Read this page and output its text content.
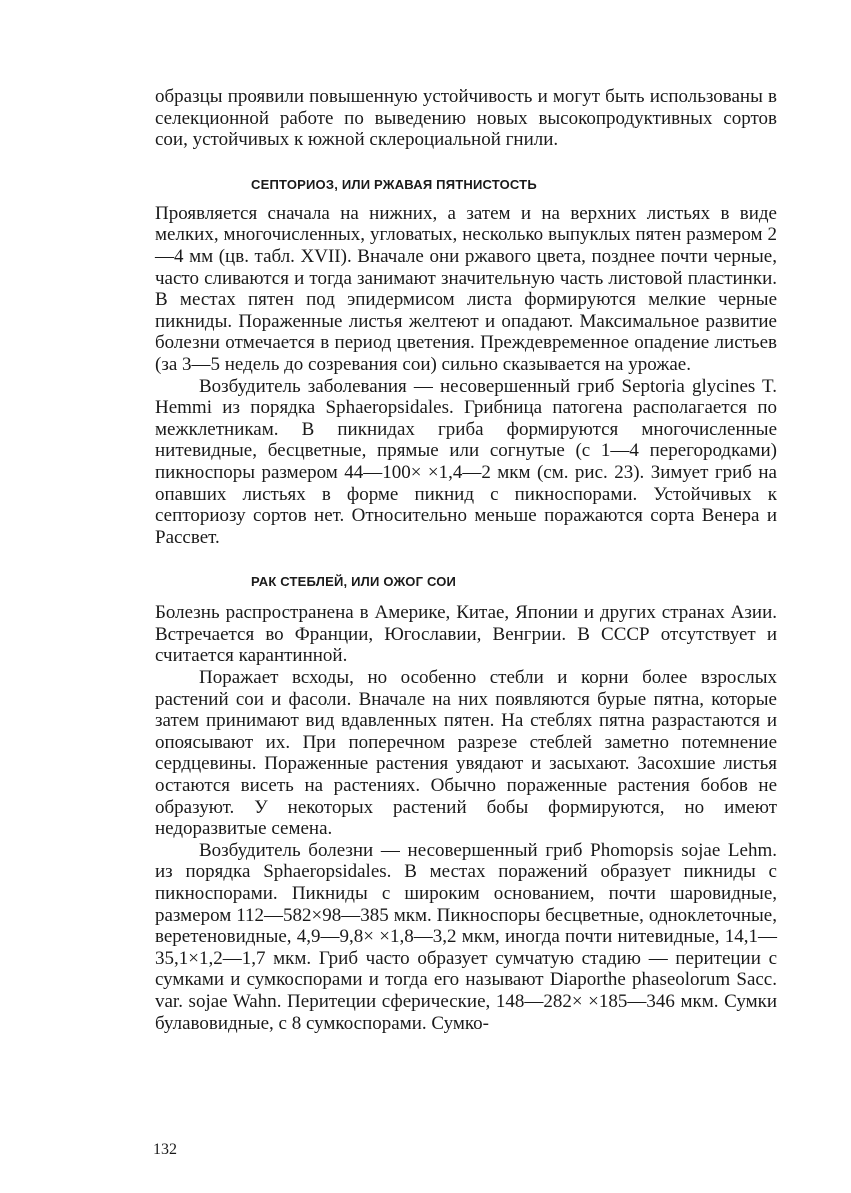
образцы проявили повышенную устойчивость и могут быть использованы в селекционной работе по выведению новых высокопродуктивных сортов сои, устойчивых к южной склероциальной гнили.

СЕПТОРИОЗ, ИЛИ РЖАВАЯ ПЯТНИСТОСТЬ

Проявляется сначала на нижних, а затем и на верхних листьях в виде мелких, многочисленных, угловатых, несколько выпуклых пятен размером 2—4 мм (цв. табл. XVII). Вначале они ржавого цвета, позднее почти черные, часто сливаются и тогда занимают значительную часть листовой пластинки. В местах пятен под эпидермисом листа формируются мелкие черные пикниды. Пораженные листья желтеют и опадают. Максимальное развитие болезни отмечается в период цветения. Преждевременное опадение листьев (за 3—5 недель до созревания сои) сильно сказывается на урожае.

Возбудитель заболевания — несовершенный гриб Septoria glycines T. Hemmi из порядка Sphaeropsidales. Грибница патогена располагается по межклетникам. В пикнидах гриба формируются многочисленные нитевидные, бесцветные, прямые или согнутые (с 1—4 перегородками) пикноспоры размером 44—100× ×1,4—2 мкм (см. рис. 23). Зимует гриб на опавших листьях в форме пикнид с пикноспорами. Устойчивых к септориозу сортов нет. Относительно меньше поражаются сорта Венера и Рассвет.

РАК СТЕБЛЕЙ, ИЛИ ОЖОГ СОИ

Болезнь распространена в Америке, Китае, Японии и других странах Азии. Встречается во Франции, Югославии, Венгрии. В СССР отсутствует и считается карантинной.

Поражает всходы, но особенно стебли и корни более взрослых растений сои и фасоли. Вначале на них появляются бурые пятна, которые затем принимают вид вдавленных пятен. На стеблях пятна разрастаются и опоясывают их. При поперечном разрезе стеблей заметно потемнение сердцевины. Пораженные растения увядают и засыхают. Засохшие листья остаются висеть на растениях. Обычно пораженные растения бобов не образуют. У некоторых растений бобы формируются, но имеют недоразвитые семена.

Возбудитель болезни — несовершенный гриб Phomopsis sojae Lehm. из порядка Sphaeropsidales. В местах поражений образует пикниды с пикноспорами. Пикниды с широким основанием, почти шаровидные, размером 112—582×98—385 мкм. Пикноспоры бесцветные, одноклеточные, веретеновидные, 4,9—9,8× ×1,8—3,2 мкм, иногда почти нитевидные, 14,1—35,1×1,2—1,7 мкм. Гриб часто образует сумчатую стадию — перитеции с сумками и сумкоспорами и тогда его называют Diaporthe phaseolorum Sacc. var. sojae Wahn. Перитеции сферические, 148—282× ×185—346 мкм. Сумки булавовидные, с 8 сумкоспорами. Сумко-

132
